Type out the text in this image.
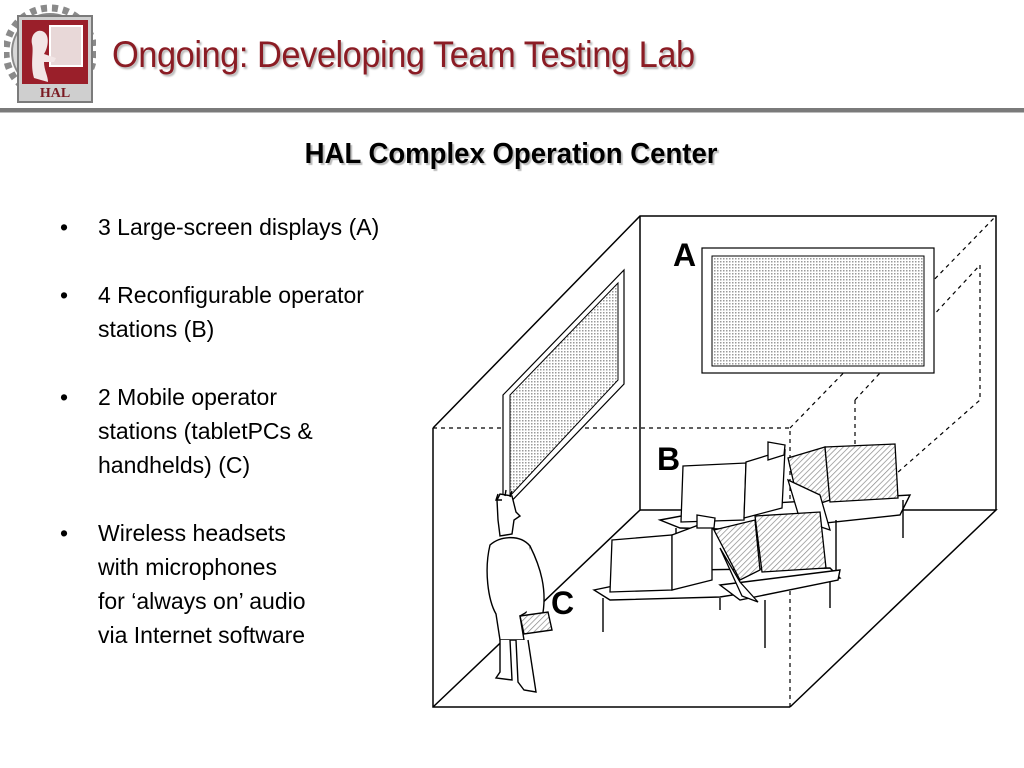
HAL
Ongoing: Developing Team Testing Lab
HAL Complex Operation Center
• 3 Large-screen displays (A)
• 4 Reconfigurable operator
stations (B)
• 2 Mobile operator
stations (tabletPCs &
handhelds) (C)
• Wireless headsets
with microphones
for ‘always on’ audio
via Internet software
A
B
C
